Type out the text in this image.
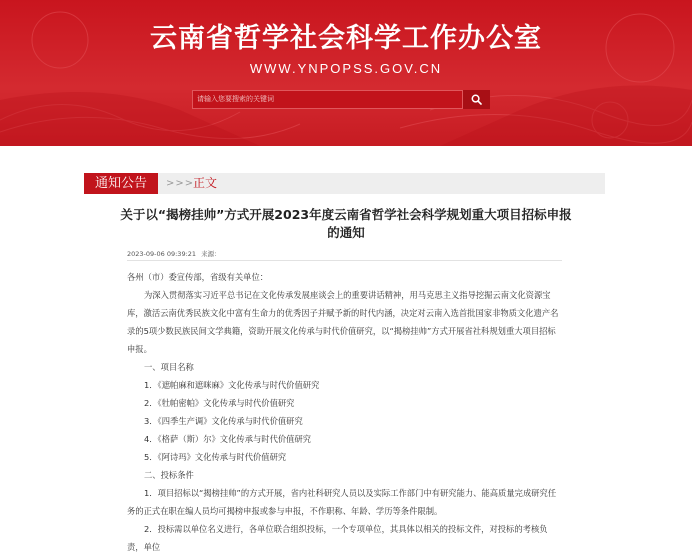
云南省哲学社会科学工作办公室
WWW.YNPOPSS.GOV.CN
请输入您要搜索的关键词
通知公告	>>>
正文
关于以“揭榜挂帅”方式开展2023年度云南省哲学社会科学规划重大项目招标申报的通知
2023-09-06 09:39:21 来源：

各州（市）委宣传部，省级有关单位：

为深入贯彻落实习近平总书记在文化传承发展座谈会上的重要讲话精神，用马克思主义指导挖掘云南文化资源宝库，激活云南优秀民族文化中富有生命力的优秀因子并赋予新的时代内涵，决定对云南入选首批国家非物质文化遗产名录的5项少数民族民间文学典籍，资助开展文化传承与时代价值研究，以“揭榜挂帅”方式开展省社科规划重大项目招标申报。

一、项目名称

1．《遮帕麻和遮咪麻》文化传承与时代价值研究

2．《牡帕密帕》文化传承与时代价值研究

3．《四季生产调》文化传承与时代价值研究

4．《格萨（斯）尔》文化传承与时代价值研究

5．《阿诗玛》文化传承与时代价值研究

二、投标条件

1．项目招标以“揭榜挂帅”的方式开展，省内社科研究人员以及实际工作部门中有研究能力、能高质量完成研究任务的正式在职在编人员均可揭榜申报或参与申报，不作职称、年龄、学历等条件限制。

2．投标需以单位名义进行，各单位联合组织投标，一个专项单位，其具体以相关的投标文件，对投标的考核负责，单位
